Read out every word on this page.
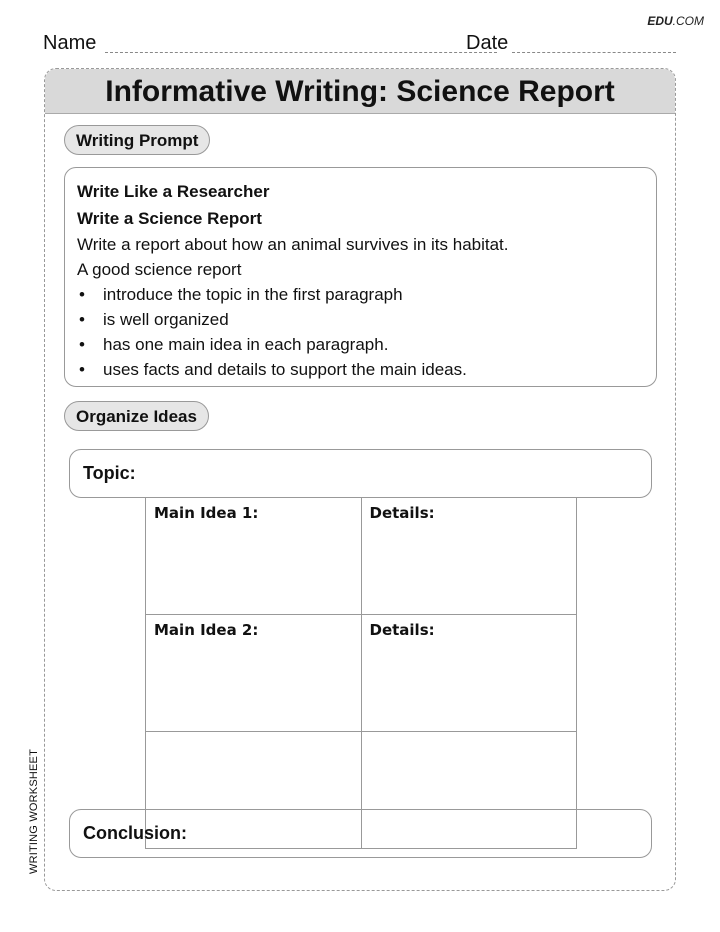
EDU.COM
Name	Date
Informative Writing: Science Report
Writing Prompt
Write Like a Researcher
Write a Science Report
Write a report about how an animal survives in its habitat.
A good science report
• introduce the topic in the first paragraph
• is well organized
• has one main idea in each paragraph.
• uses facts and details to support the main ideas.
Organize Ideas
Topic:
Main Idea 1:	Details:
Main Idea 2:	Details:

Conclusion:
WRITING WORKSHEET
